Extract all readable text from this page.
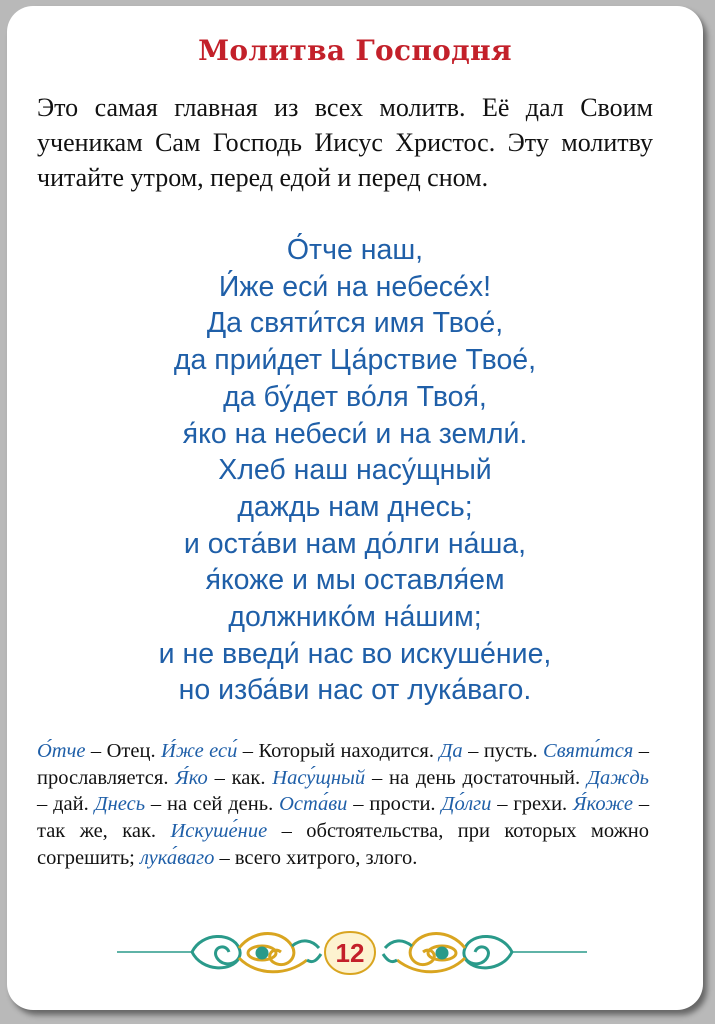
Молитва Господня

Это самая главная из всех молитв. Её дал Своим ученикам Сам Господь Иисус Христос. Эту молитву читайте утром, перед едой и перед сном.

О́тче наш,
И́же еси́ на небесе́х!
Да святи́тся имя Твое́,
да прии́дет Ца́рствие Твое́,
да бу́дет во́ля Твоя́,
я́ко на небеси́ и на земли́.
Хлеб наш насу́щный
даждь нам днесь;
и оста́ви нам до́лги на́ша,
я́коже и мы оставля́ем
должнико́м на́шим;
и не введи́ нас во искуше́ние,
но изба́ви нас от лука́ваго.

О́тче – Отец. И́же еси́ – Который находится. Да – пусть. Святи́тся – прославляется. Я́ко – как. Насу́щный – на день достаточный. Даждь – дай. Днесь – на сей день. Оста́ви – прости. До́лги – грехи. Я́коже – так же, как. Искуше́ние – обстоятельства, при которых можно согрешить; лука́ваго – всего хитрого, злого.

12
